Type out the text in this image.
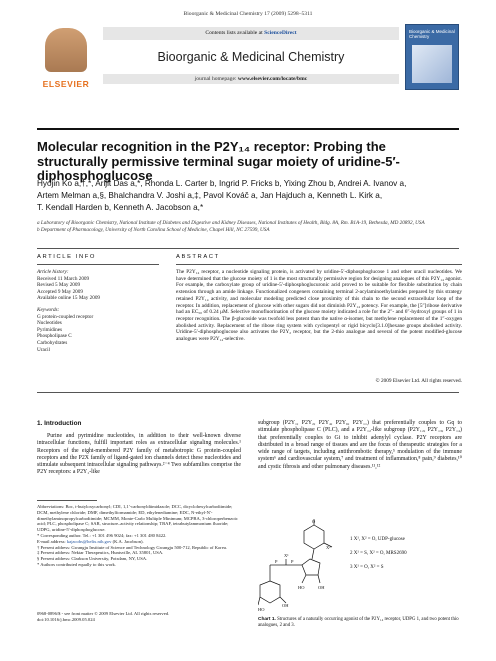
Bioorganic & Medicinal Chemistry 17 (2009) 5298–5311
ELSEVIER
Contents lists available at ScienceDirect
Bioorganic & Medicinal Chemistry
journal homepage: www.elsevier.com/locate/bmc
Bioorganic & Medicinal Chemistry
Molecular recognition in the P2Y₁₄ receptor: Probing the
structurally permissive terminal sugar moiety of uridine-5′-diphosphoglucose
Hyojin Ko a,†,*, Arijit Das a,*, Rhonda L. Carter b, Ingrid P. Fricks b, Yixing Zhou b, Andrei A. Ivanov a,
Artem Melman a,§, Bhalchandra V. Joshi a,‡, Pavol Kováč a, Jan Hajduch a, Kenneth L. Kirk a,
T. Kendall Harden b, Kenneth A. Jacobson a,*
a Laboratory of Bioorganic Chemistry, National Institute of Diabetes and Digestive and Kidney Diseases, National Institutes of Health, Bldg. 8A, Rm. B1A-19, Bethesda, MD 20892, USA
b Department of Pharmacology, University of North Carolina School of Medicine, Chapel Hill, NC 27599, USA
ARTICLE INFO	ABSTRACT
Article history:
Received 11 March 2009
Revised 5 May 2009
Accepted 9 May 2009
Available online 15 May 2009
Keywords:
G protein-coupled receptor
Nucleotides
Pyrimidines
Phospholipase C
Carbohydrates
Uracil
The P2Y₁₄ receptor, a nucleotide signaling protein, is activated by uridine-5′-diphosphoglucose 1 and other uracil nucleotides. We have determined that the glucose moiety of 1 is the most structurally permissive region for designing analogues of this P2Y₁₄ agonist. For example, the carboxylate group of uridine-5′-diphosphoglucuronic acid proved to be suitable for flexible substitution by chain extension through an amide linkage. Functionalized congeners containing terminal 2-acylaminoethylamides prepared by this strategy retained P2Y₁₄ activity, and molecular modeling predicted close proximity of this chain to the second extracellular loop of the receptor. In addition, replacement of glucose with other sugars did not diminish P2Y₁₄ potency. For example, the [5″]ribose derivative had an EC₅₀ of 0.24 μM. Selective monofluorination of the glucose moiety indicated a role for the 2″- and 6″-hydroxyl groups of 1 in receptor recognition. The β-glucoside was twofold less potent than the native α-isomer, but methylene replacement of the 1″-oxygen abolished activity. Replacement of the ribose ring system with cyclopentyl or rigid bicyclo[3.1.0]hexane groups abolished activity. Uridine-5′-diphosphoglucose also activates the P2Y₂ receptor, but the 2-thio analogue and several of the potent modified-glucose analogues were P2Y₁₄-selective.
© 2009 Elsevier Ltd. All rights reserved.
1. Introduction

Purine and pyrimidine nucleotides, in addition to their well-known diverse intracellular functions, fulfill important roles as extracellular signaling molecules.¹ Receptors of the eight-membered P2Y family of metabotropic G protein-coupled receptors and the P2X family of ligand-gated ion channels detect these nucleotides and stimulate subsequent intracellular signaling pathways.²⁻⁴ Two subfamilies comprise the P2Y receptors: a P2Y₁-like

subgroup (P2Y₁, P2Y₂, P2Y₄, P2Y₆, P2Y₁₁) that preferentially couples to Gq to stimulate phospholipase C (PLC), and a P2Y₁₂-like subgroup (P2Y₁₂, P2Y₁₃, P2Y₁₄) that preferentially couples to Gi to inhibit adenylyl cyclase. P2Y receptors are distributed in a broad range of tissues and are the focus of therapeutic strategies for a wide range of targets, including antithrombotic therapy,⁵ modulation of the immune system⁶ and cardiovascular system,⁷ and treatment of inflammation,⁸ pain,⁹ diabetes,¹⁰ and cystic fibrosis and other pulmonary diseases.¹¹,¹²

Abbreviations: Boc, t-butyloxycarbonyl; CDI, 1,1′-carbonyldiimidazole; DCC, dicyclohexylcarbodiimide; DCM, methylene chloride; DMF, dimethylformamide; ED, ethylenediamine; EDC, N-ethyl-N′-dimethylaminopropylcarbodiimide; MCMM, Monte-Carlo Multiple Minimum; MCPBA, 3-chloroperbenzoic acid; PLC, phospholipase C; SAR, structure–activity relationship; TBAF, tetrabutylammonium fluoride; UDPG, uridine-5′-diphosphoglucose.
* Corresponding author. Tel.: +1 301 496 9024; fax: +1 301 480 8422.
E-mail address: kajacobs@helix.nih.gov (K.A. Jacobson).
† Present address: Gwangju Institute of Science and Technology Gwangju 500-712, Republic of Korea.
‡ Present address: Nektar Therapeutics, Huntsville, AL 35801, USA.
§ Present address: Clarkson University, Potsdam, NY, USA.
* Authors contributed equally to this work.
0968-0896/$ - see front matter © 2009 Elsevier Ltd. All rights reserved.
doi:10.1016/j.bmc.2009.05.024
X²
O
X¹
P
P
OH
HO
OH
HO
1 X¹, X² = O, UDP-glucose
2 X¹ = S, X² = O, MRS2690
3 X¹ = O, X² = S
Chart 1. Structures of a naturally occurring agonist of the P2Y₁₄ receptor, UDPG 1, and two potent thio analogues, 2 and 3.
